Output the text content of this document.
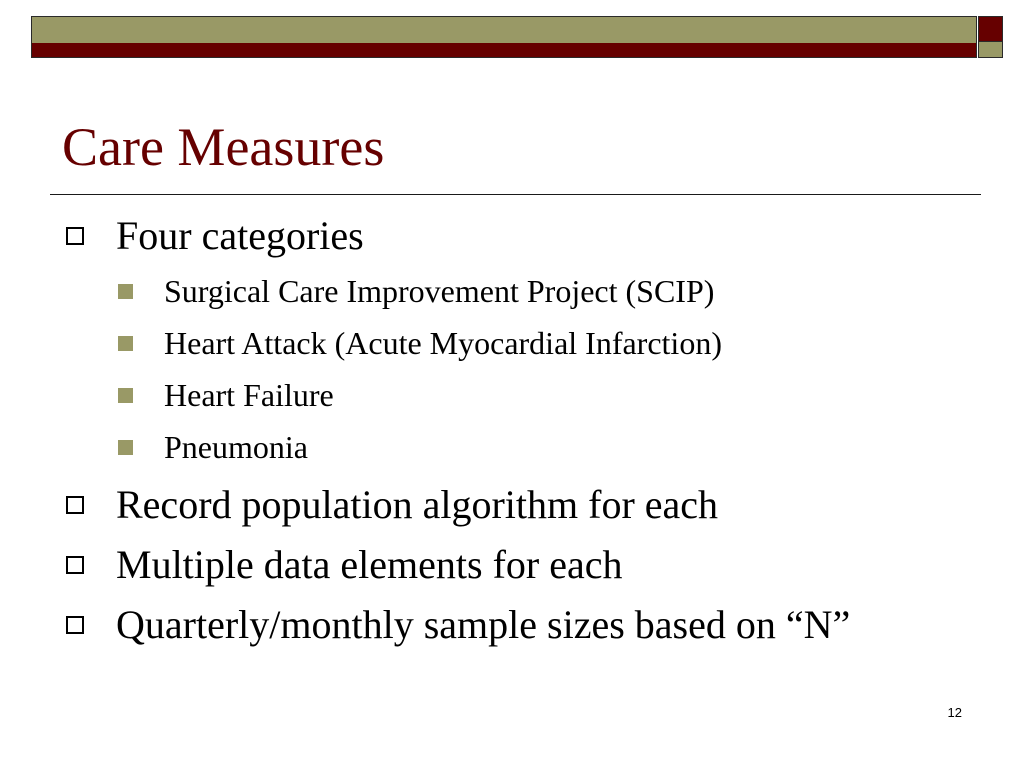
Care Measures
Four categories
Surgical Care Improvement Project (SCIP)
Heart Attack (Acute Myocardial Infarction)
Heart Failure
Pneumonia
Record population algorithm for each
Multiple data elements for each
Quarterly/monthly sample sizes based on “N”
12
